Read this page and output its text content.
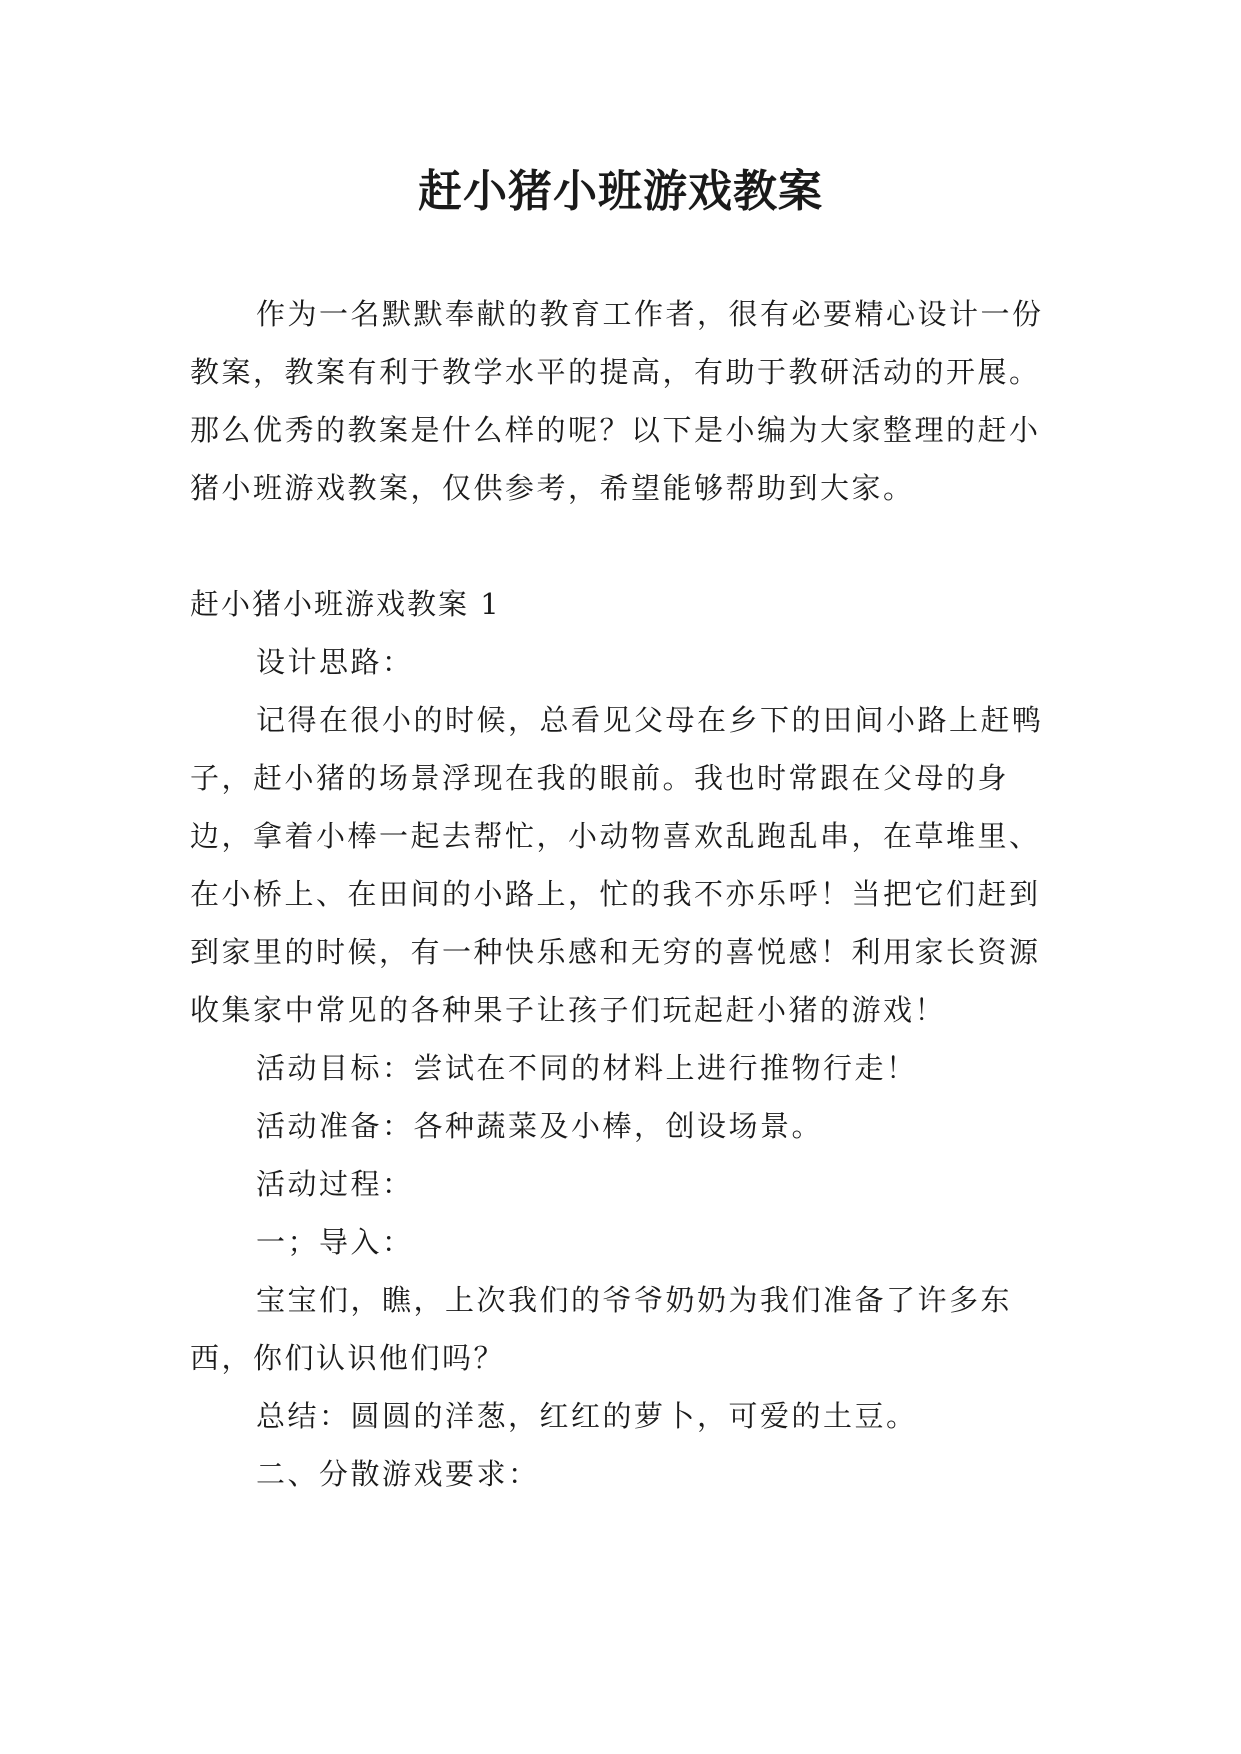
赶小猪小班游戏教案

作为一名默默奉献的教育工作者，很有必要精心设计一份教案，教案有利于教学水平的提高，有助于教研活动的开展。那么优秀的教案是什么样的呢？以下是小编为大家整理的赶小猪小班游戏教案，仅供参考，希望能够帮助到大家。

赶小猪小班游戏教案 1

设计思路：

记得在很小的时候，总看见父母在乡下的田间小路上赶鸭子，赶小猪的场景浮现在我的眼前。我也时常跟在父母的身边，拿着小棒一起去帮忙，小动物喜欢乱跑乱串，在草堆里、在小桥上、在田间的小路上，忙的我不亦乐呼！当把它们赶到到家里的时候，有一种快乐感和无穷的喜悦感！利用家长资源收集家中常见的各种果子让孩子们玩起赶小猪的游戏！

活动目标：尝试在不同的材料上进行推物行走！

活动准备：各种蔬菜及小棒，创设场景。

活动过程：

一；导入：

宝宝们，瞧，上次我们的爷爷奶奶为我们准备了许多东西，你们认识他们吗？

总结：圆圆的洋葱，红红的萝卜，可爱的土豆。

二、分散游戏要求：
